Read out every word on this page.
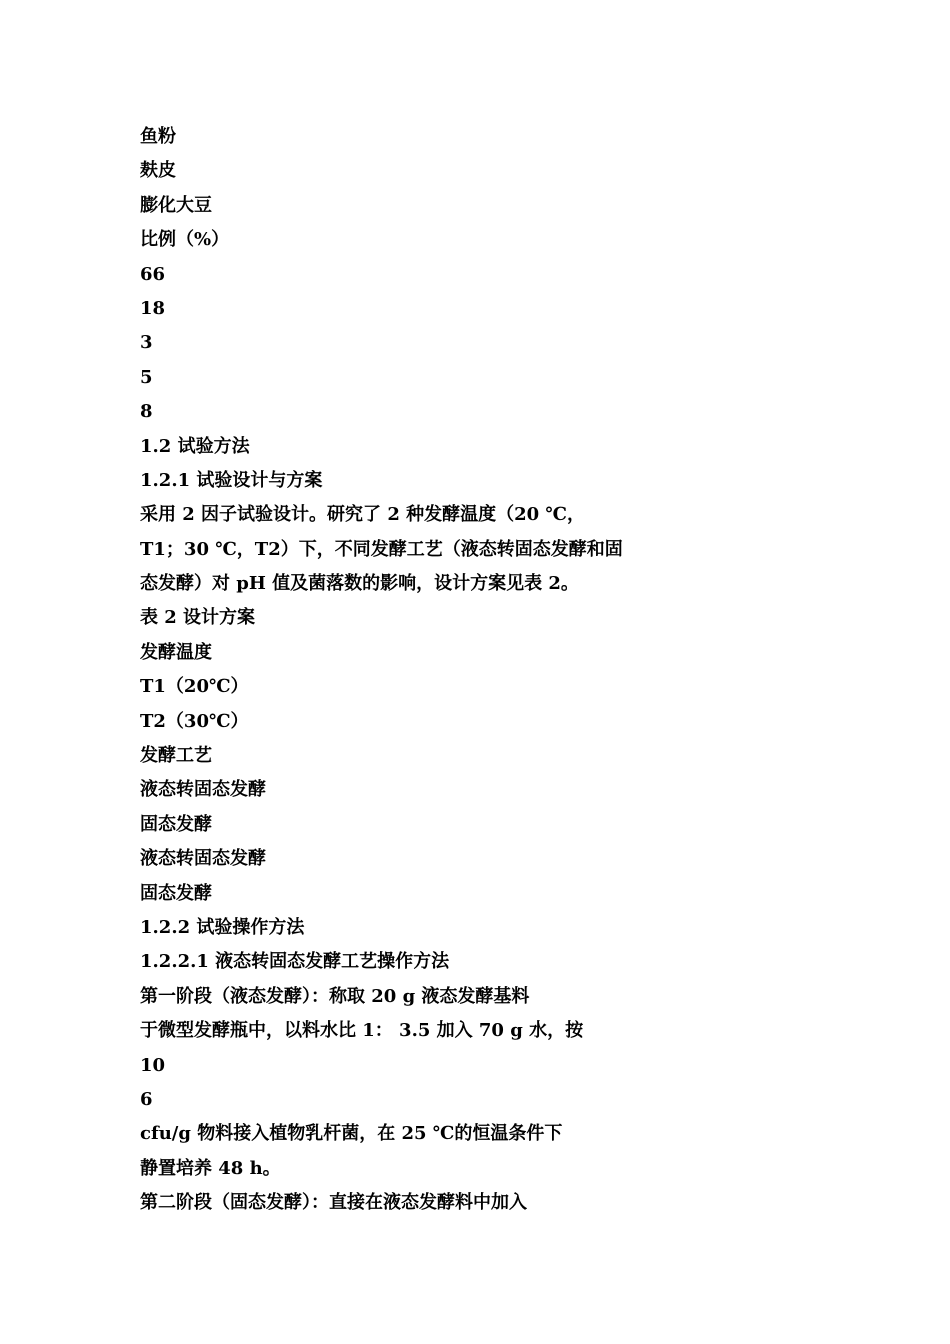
鱼粉
麸皮
膨化大豆
比例（%）
66
18
3
5
8
1.2 试验方法
1.2.1 试验设计与方案
采用 2 因子试验设计。研究了 2 种发酵温度（20 ℃，
T1；30 ℃，T2）下，不同发酵工艺（液态转固态发酵和固
态发酵）对 pH 值及菌落数的影响，设计方案见表 2。
表 2 设计方案
发酵温度
T1（20℃）
T2（30℃）
发酵工艺
液态转固态发酵
固态发酵
液态转固态发酵
固态发酵
1.2.2 试验操作方法
1.2.2.1 液态转固态发酵工艺操作方法
第一阶段（液态发酵）：称取 20 g 液态发酵基料
于微型发酵瓶中，以料水比 1： 3.5 加入 70 g 水，按
10
6
cfu/g 物料接入植物乳杆菌，在 25 ℃的恒温条件下
静置培养 48 h。
第二阶段（固态发酵）：直接在液态发酵料中加入
